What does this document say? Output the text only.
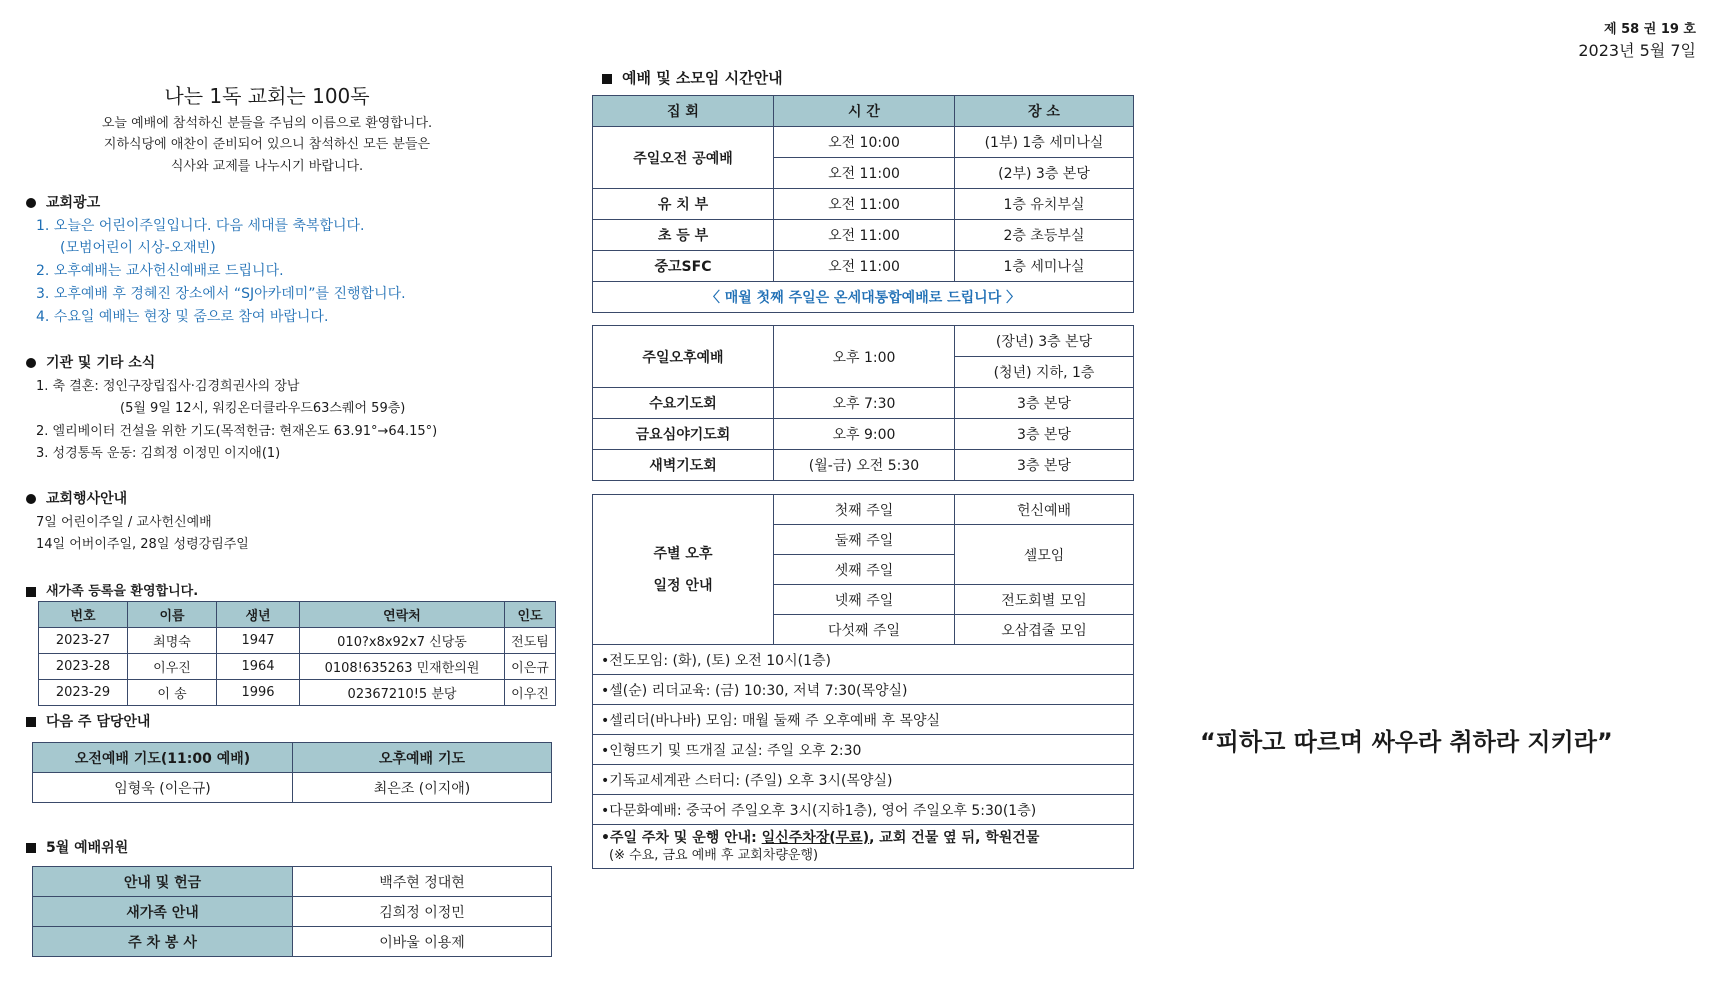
제 58 권 19 호
2023년 5월 7일
나는 1독 교회는 100독
오늘 예배에 참석하신 분들을 주님의 이름으로 환영합니다.
지하식당에 애찬이 준비되어 있으니 참석하신 모든 분들은
식사와 교제를 나누시기 바랍니다.
교회광고
1. 오늘은 어린이주일입니다. 다음 세대를 축복합니다.
(모범어린이 시상-오재빈)
2. 오후예배는 교사헌신예배로 드립니다.
3. 오후예배 후 경혜진 장소에서 “SJ아카데미”를 진행합니다.
4. 수요일 예배는 현장 및 줌으로 참여 바랍니다.
기관 및 기타 소식
1. 축 결혼: 정인구장립집사·김경희권사의 장남
(5월 9일 12시, 워킹온더클라우드63스퀘어 59층)
2. 엘리베이터 건설을 위한 기도(목적헌금: 현재온도 63.91°→64.15°)
3. 성경통독 운동: 김희정 이정민 이지애(1)
교회행사안내
7일 어린이주일 / 교사헌신예배
14일 어버이주일, 28일 성령강림주일
새가족 등록을 환영합니다.
번호	이름	생년	연락처	인도
2023-27	최명숙	1947	010?x8x92x7 신당동	전도팀
2023-28	이우진	1964	0108!635263 민재한의원	이은규
2023-29	이 송	1996	02367210!5 분당	이우진
다음 주 담당안내
오전예배 기도(11:00 예배)	오후예배 기도
임형욱 (이은규)	최은조 (이지애)
5월 예배위원
안내 및 헌금	백주현 정대현
새가족 안내	김희정 이정민
주 차 봉 사	이바울 이용제
예배 및 소모임 시간안내
집 회	시 간	장 소
주일오전 공예배	오전 10:00	(1부) 1층 세미나실
	오전 11:00	(2부) 3층 본당
유 치 부	오전 11:00	1층 유치부실
초 등 부	오전 11:00	2층 초등부실
중고SFC	오전 11:00	1층 세미나실
〈 매월 첫째 주일은 온세대통합예배로 드립니다 〉		
주일오후예배	오후 1:00	(장년) 3층 본당
		(청년) 지하, 1층
수요기도회	오후 7:30	3층 본당
금요심야기도회	오후 9:00	3층 본당
새벽기도회	(월-금) 오전 5:30	3층 본당
주별 오후
일정 안내	첫째 주일	헌신예배
	둘째 주일	셀모임
	셋째 주일	
	넷째 주일	전도회별 모임
	다섯째 주일	오삼겹줄 모임
•전도모임: (화), (토) 오전 10시(1층)		
•셀(순) 리더교육: (금) 10:30, 저녁 7:30(목양실)		
•셀리더(바나바) 모임: 매월 둘째 주 오후예배 후 목양실		
•인형뜨기 및 뜨개질 교실: 주일 오후 2:30		
•기독교세계관 스터디: (주일) 오후 3시(목양실)		
•다문화예배: 중국어 주일오후 3시(지하1층), 영어 주일오후 5:30(1층)		

•주일 주차 및 운행 안내: 일신주차장(무료), 교회 건물 옆 뒤, 학원건물
(※ 수요, 금요 예배 후 교회차량운행)		
“피하고 따르며 싸우라 취하라 지키라”
